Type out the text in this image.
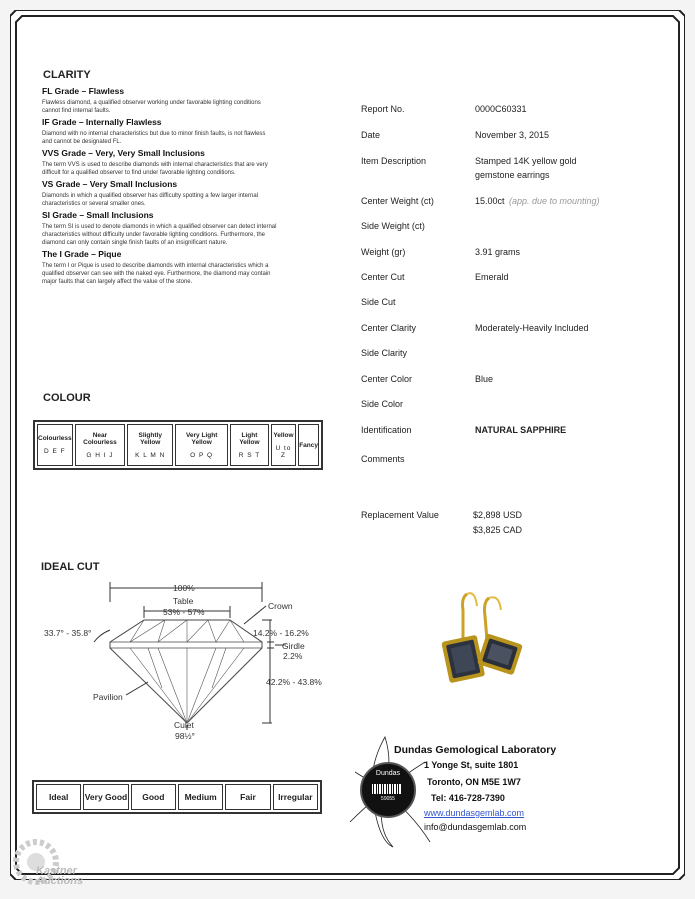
CLARITY
FL Grade – Flawless
Flawless diamond, a qualified observer working under favorable lighting conditions
cannot find internal faults.
IF Grade – Internally Flawless
Diamond with no internal characteristics but due to minor finish faults, is not flawless
and cannot be designated FL.
VVS Grade – Very, Very Small Inclusions
The term VVS is used to describe diamonds with internal characteristics that are very
difficult for a qualified observer to find under favorable lighting conditions.
VS Grade – Very Small Inclusions
Diamonds in which a qualified observer has difficulty spotting a few larger internal
characteristics or several smaller ones.
SI Grade – Small Inclusions
The term SI is used to denote diamonds in which a qualified observer can detect internal
characteristics without difficulty under favorable lighting conditions. Furthermore, the
diamond can only contain single finish faults of an insignificant nature.
The I Grade – Pique
The term I or Pique is used to describe diamonds with internal characteristics which a
qualified observer can see with the naked eye. Furthermore, the diamond may contain
major faults that can largely affect the value of the stone.
COLOUR
Colourless
D E F

Near Colourless
G H I J

Slightly Yellow
K L M N

Very Light Yellow
O P Q

Light Yellow
R S T

Yellow
U to Z

Fancy
IDEAL CUT
100%
Table
53% - 57%
Crown
33.7° - 35.8°	14.2% - 16.2%
Girdle
2.2%
42.2% - 43.8%
Pavilion
Culet
98½°
Ideal	Very Good	Good	Medium	Fair	Irregular
Report No.	0000C60331
Date	November 3, 2015
Item Description	Stamped 14K yellow gold
gemstone earrings
Center Weight (ct)	15.00ct (app. due to mounting)
Side Weight (ct)
Weight (gr)	3.91 grams
Center Cut	Emerald
Side Cut
Center Clarity	Moderately-Heavily Included
Side Clarity
Center Color	Blue
Side Color
Identification	NATURAL SAPPHIRE
Comments
Replacement Value	$2,898 USD
$3,825 CAD
Dundas
59055
Dundas Gemological Laboratory
1 Yonge St, suite 1801
Toronto, ON M5E 1W7
Tel: 416-728-7390
www.dundasgemlab.com
info@dundasgemlab.com
Kastner Auctions
